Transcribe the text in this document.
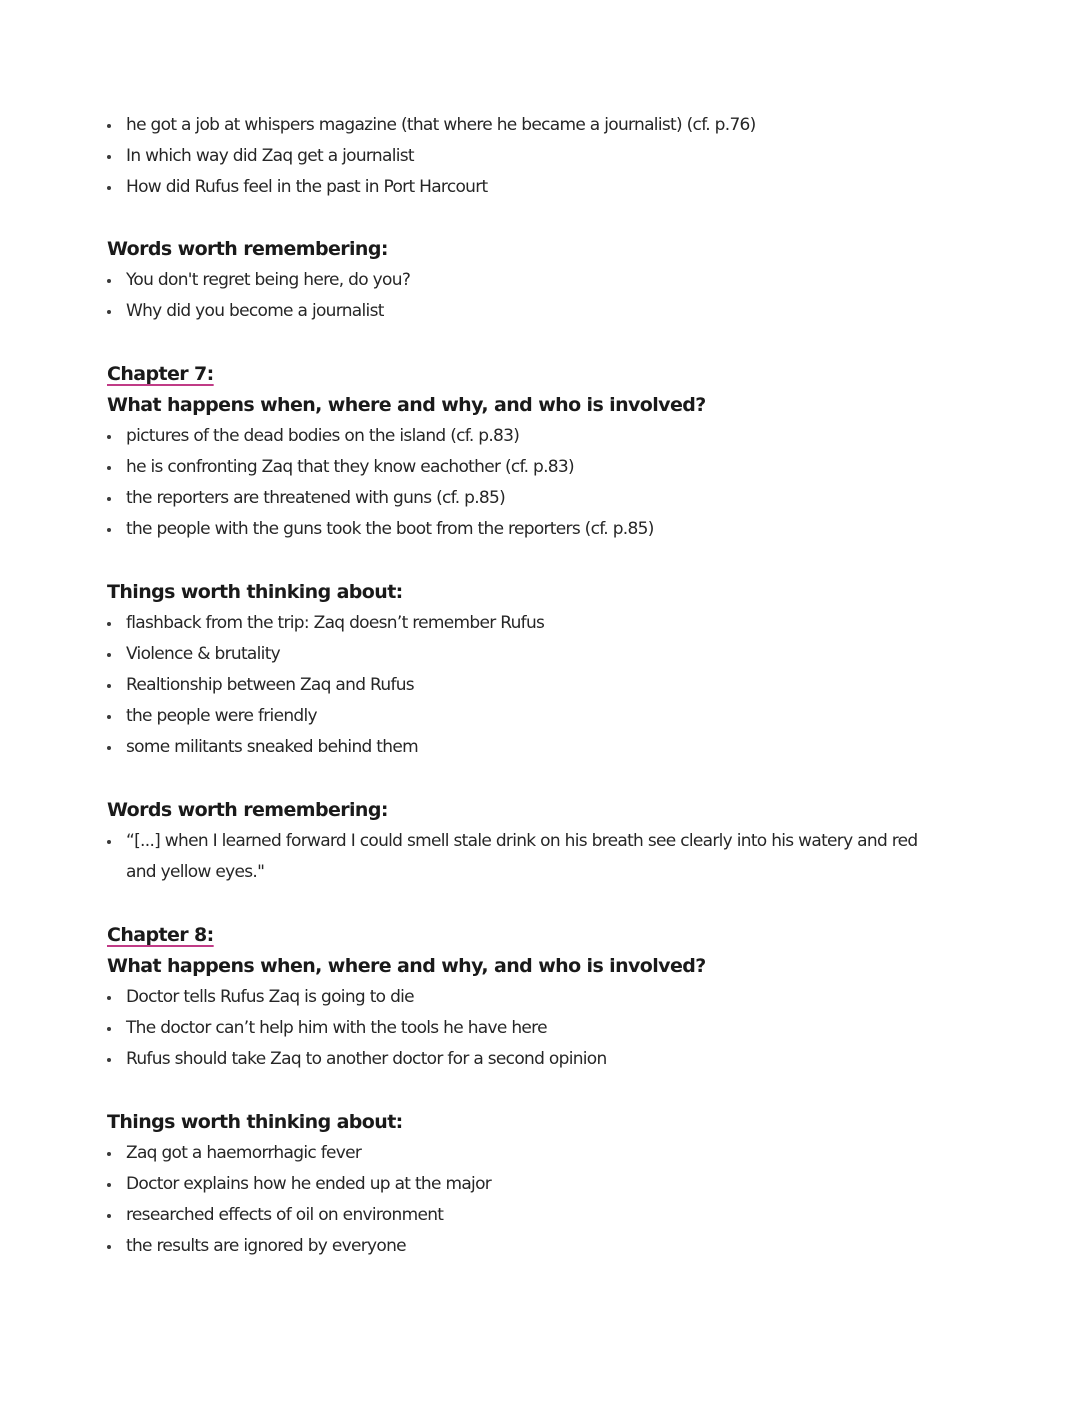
he got a job at whispers magazine (that where he became a journalist) (cf. p.76)
In which way did Zaq get a journalist
How did Rufus feel in the past in Port Harcourt
Words worth remembering:
You don't regret being here, do you?
Why did you become a journalist
Chapter 7:
What happens when, where and why, and who is involved?
pictures of the dead bodies on the island (cf. p.83)
he is confronting Zaq that they know eachother (cf. p.83)
the reporters are threatened with guns (cf. p.85)
the people with the guns took the boot from the reporters (cf. p.85)
Things worth thinking about:
flashback from the trip: Zaq doesn’t remember Rufus
Violence & brutality
Realtionship between Zaq and Rufus
the people were friendly
some militants sneaked behind them
Words worth remembering:
“[...] when I learned forward I could smell stale drink on his breath see clearly into his watery and red and yellow eyes."
Chapter 8:
What happens when, where and why, and who is involved?
Doctor tells Rufus Zaq is going to die
The doctor can’t help him with the tools he have here
Rufus should take Zaq to another doctor for a second opinion
Things worth thinking about:
Zaq got a haemorrhagic fever
Doctor explains how he ended up at the major
researched effects of oil on environment
the results are ignored by everyone
